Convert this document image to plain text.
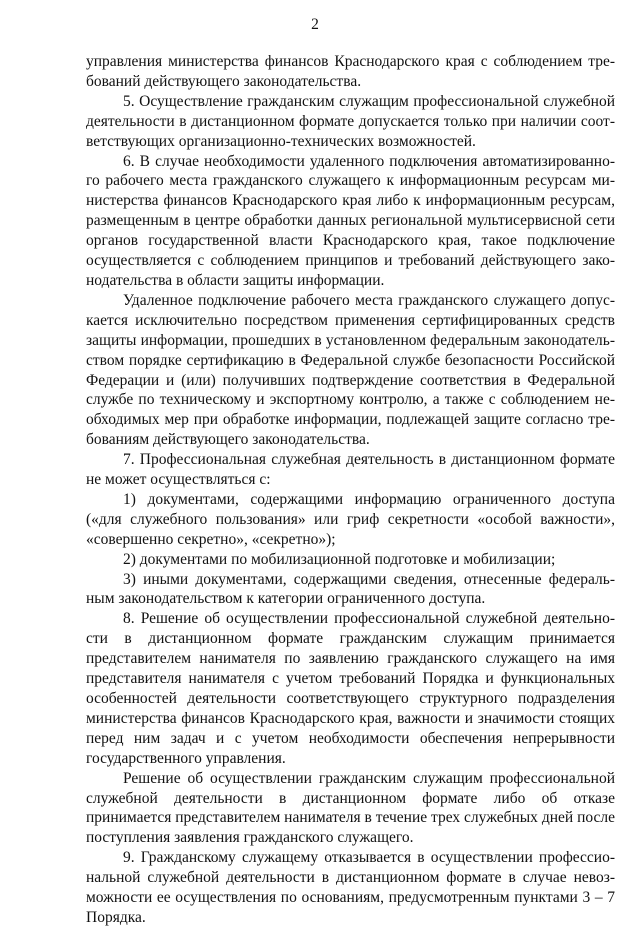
2

управления министерства финансов Краснодарского края с соблюдением требований действующего законодательства.

5. Осуществление гражданским служащим профессиональной служебной деятельности в дистанционном формате допускается только при наличии соответствующих организационно-технических возможностей.

6. В случае необходимости удаленного подключения автоматизированного рабочего места гражданского служащего к информационным ресурсам министерства финансов Краснодарского края либо к информационным ресурсам, размещенным в центре обработки данных региональной мультисервисной сети органов государственной власти Краснодарского края, такое подключение осуществляется с соблюдением принципов и требований действующего законодательства в области защиты информации.

Удаленное подключение рабочего места гражданского служащего допускается исключительно посредством применения сертифицированных средств защиты информации, прошедших в установленном федеральным законодательством порядке сертификацию в Федеральной службе безопасности Российской Федерации и (или) получивших подтверждение соответствия в Федеральной службе по техническому и экспортному контролю, а также с соблюдением необходимых мер при обработке информации, подлежащей защите согласно требованиям действующего законодательства.

7. Профессиональная служебная деятельность в дистанционном формате не может осуществляться с:

1) документами, содержащими информацию ограниченного доступа («для служебного пользования» или гриф секретности «особой важности», «совершенно секретно», «секретно»);

2) документами по мобилизационной подготовке и мобилизации;

3) иными документами, содержащими сведения, отнесенные федеральным законодательством к категории ограниченного доступа.

8. Решение об осуществлении профессиональной служебной деятельности в дистанционном формате гражданским служащим принимается представителем нанимателя по заявлению гражданского служащего на имя представителя нанимателя с учетом требований Порядка и функциональных особенностей деятельности соответствующего структурного подразделения министерства финансов Краснодарского края, важности и значимости стоящих перед ним задач и с учетом необходимости обеспечения непрерывности государственного управления.

Решение об осуществлении гражданским служащим профессиональной служебной деятельности в дистанционном формате либо об отказе принимается представителем нанимателя в течение трех служебных дней после поступления заявления гражданского служащего.

9. Гражданскому служащему отказывается в осуществлении профессиональной служебной деятельности в дистанционном формате в случае невозможности ее осуществления по основаниям, предусмотренным пунктами 3 – 7 Порядка.
